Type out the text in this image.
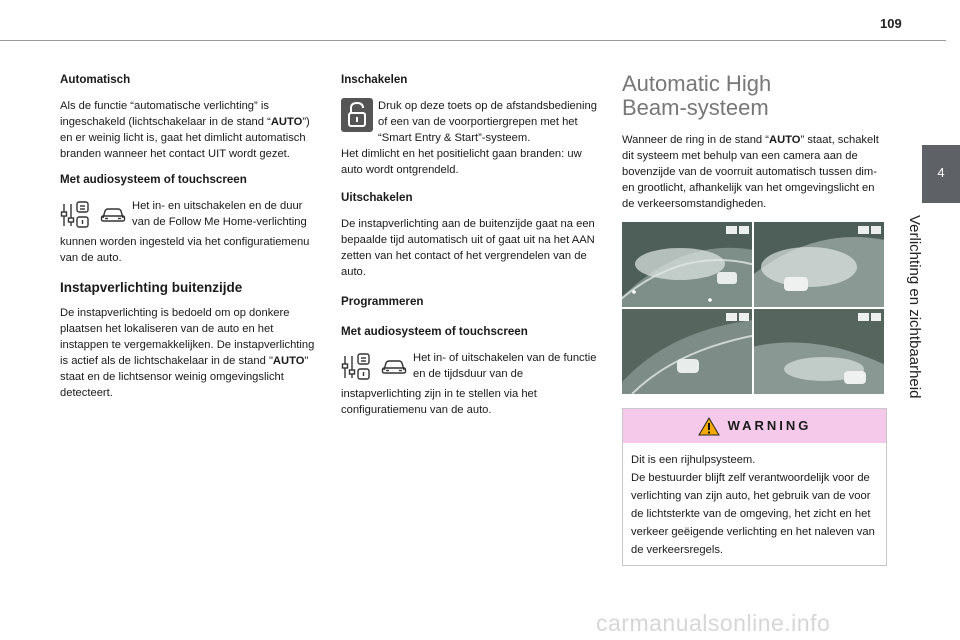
109
4
Verlichting en zichtbaarheid
Automatisch

Als de functie “automatische verlichting” is ingeschakeld (lichtschakelaar in de stand “AUTO”) en er weinig licht is, gaat het dimlicht automatisch branden wanneer het contact UIT wordt gezet.

Met audiosysteem of touchscreen
Het in- en uitschakelen en de duur van de Follow Me Home-verlichting

kunnen worden ingesteld via het configuratiemenu van de auto.

Instapverlichting buitenzijde

De instapverlichting is bedoeld om op donkere plaatsen het lokaliseren van de auto en het instappen te vergemakkelijken. De instapverlichting is actief als de lichtschakelaar in de stand "AUTO" staat en de lichtsensor weinig omgevingslicht detecteert.

Inschakelen

Druk op deze toets op de afstandsbediening of een van de voorportiergrepen met het “Smart Entry & Start”-systeem.
Het dimlicht en het positielicht gaan branden: uw auto wordt ontgrendeld.

Uitschakelen

De instapverlichting aan de buitenzijde gaat na een bepaalde tijd automatisch uit of gaat uit na het AAN zetten van het contact of het vergrendelen van de auto.

Programmeren
Met audiosysteem of touchscreen
Het in- of uitschakelen van de functie en de tijdsduur van de

instapverlichting zijn in te stellen via het configuratiemenu van de auto.

Automatic High
Beam-systeem

Wanneer de ring in de stand “AUTO” staat, schakelt dit systeem met behulp van een camera aan de bovenzijde van de voorruit automatisch tussen dim- en grootlicht, afhankelijk van het omgevingslicht en de verkeersomstandigheden.

WARNING
Dit is een rijhulpsysteem.
De bestuurder blijft zelf verantwoordelijk voor de verlichting van zijn auto, het gebruik van de voor de lichtsterkte van de omgeving, het zicht en het verkeer geëigende verlichting en het naleven van de verkeersregels.
carmanualsonline.info
